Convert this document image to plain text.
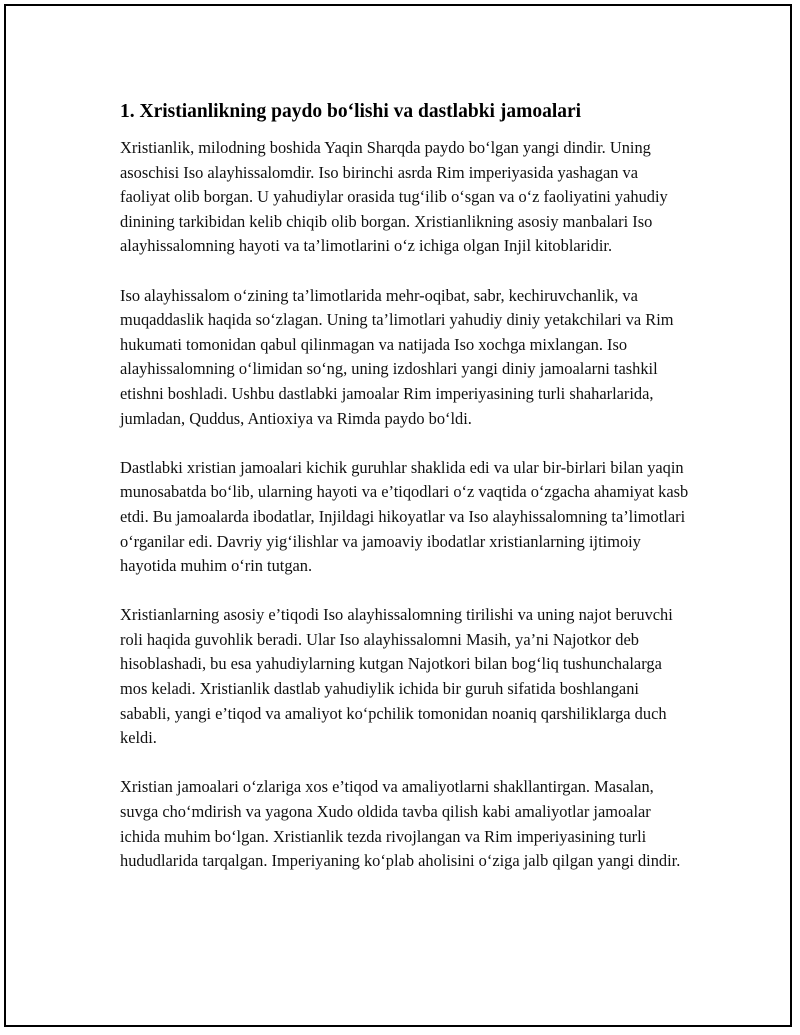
1. Xristianlikning paydo bo‘lishi va dastlabki jamoalari

Xristianlik, milodning boshida Yaqin Sharqda paydo bo‘lgan yangi dindir. Uning asoschisi Iso alayhissalomdir. Iso birinchi asrda Rim imperiyasida yashagan va faoliyat olib borgan. U yahudiylar orasida tug‘ilib o‘sgan va o‘z faoliyatini yahudiy dinining tarkibidan kelib chiqib olib borgan. Xristianlikning asosiy manbalari Iso alayhissalomning hayoti va ta’limotlarini o‘z ichiga olgan Injil kitoblaridir.

Iso alayhissalom o‘zining ta’limotlarida mehr-oqibat, sabr, kechiruvchanlik, va muqaddaslik haqida so‘zlagan. Uning ta’limotlari yahudiy diniy yetakchilari va Rim hukumati tomonidan qabul qilinmagan va natijada Iso xochga mixlangan. Iso alayhissalomning o‘limidan so‘ng, uning izdoshlari yangi diniy jamoalarni tashkil etishni boshladi. Ushbu dastlabki jamoalar Rim imperiyasining turli shaharlarida, jumladan, Quddus, Antioxiya va Rimda paydo bo‘ldi.

Dastlabki xristian jamoalari kichik guruhlar shaklida edi va ular bir-birlari bilan yaqin munosabatda bo‘lib, ularning hayoti va e’tiqodlari o‘z vaqtida o‘zgacha ahamiyat kasb etdi. Bu jamoalarda ibodatlar, Injildagi hikoyatlar va Iso alayhissalomning ta’limotlari o‘rganilar edi. Davriy yig‘ilishlar va jamoaviy ibodatlar xristianlarning ijtimoiy hayotida muhim o‘rin tutgan.

Xristianlarning asosiy e’tiqodi Iso alayhissalomning tirilishi va uning najot beruvchi roli haqida guvohlik beradi. Ular Iso alayhissalomni Masih, ya’ni Najotkor deb hisoblashadi, bu esa yahudiylarning kutgan Najotkori bilan bog‘liq tushunchalarga mos keladi. Xristianlik dastlab yahudiylik ichida bir guruh sifatida boshlangani sababli, yangi e’tiqod va amaliyot ko‘pchilik tomonidan noaniq qarshiliklarga duch keldi.

Xristian jamoalari o‘zlariga xos e’tiqod va amaliyotlarni shakllantirgan. Masalan, suvga cho‘mdirish va yagona Xudo oldida tavba qilish kabi amaliyotlar jamoalar ichida muhim bo‘lgan. Xristianlik tezda rivojlangan va Rim imperiyasining turli hududlarida tarqalgan. Imperiyaning ko‘plab aholisini o‘ziga jalb qilgan yangi dindir.
